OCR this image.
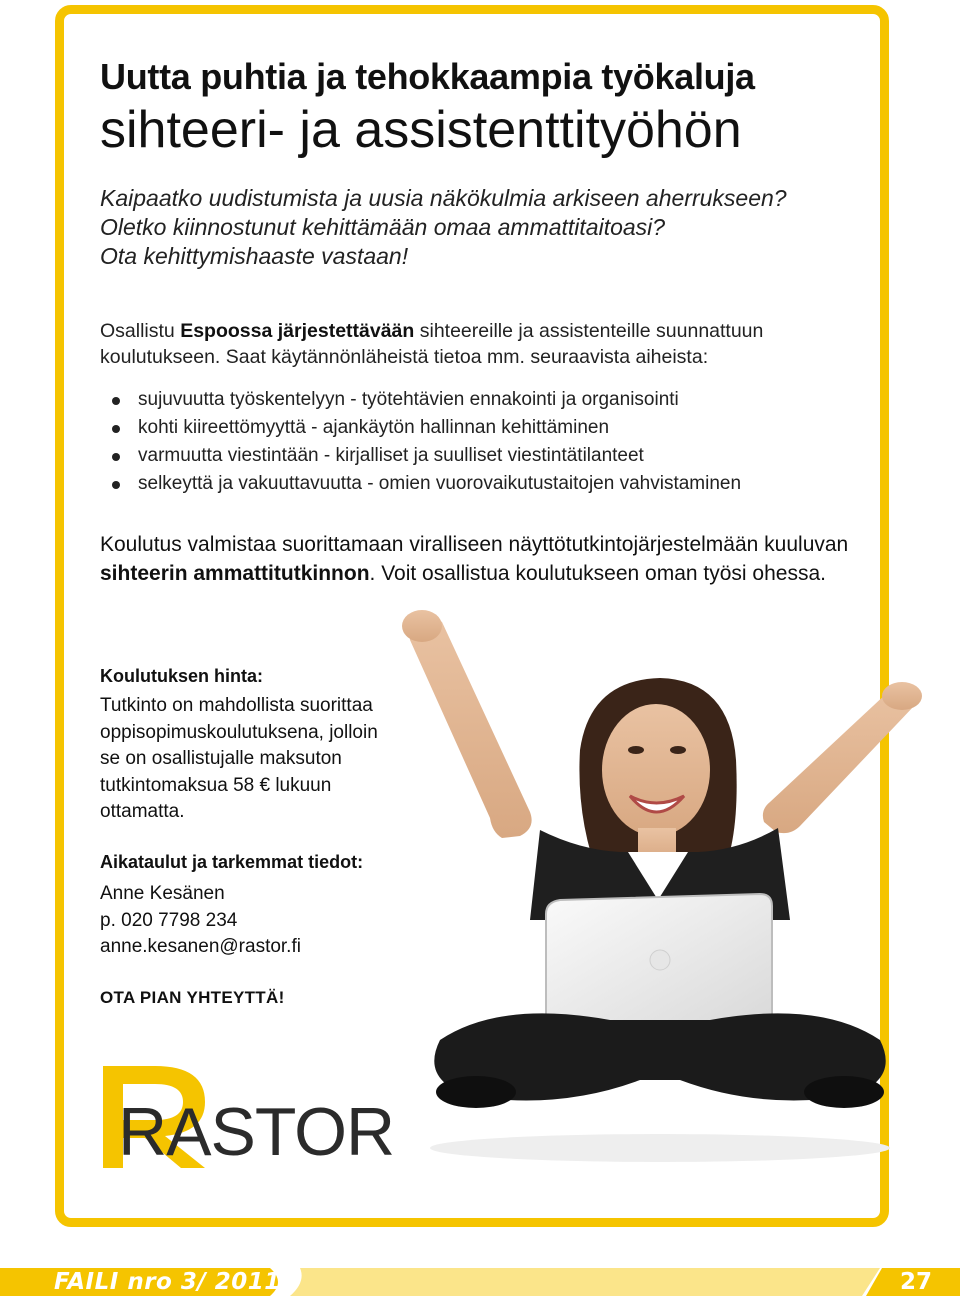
Uutta puhtia ja tehokkaampia työkaluja
sihteeri- ja assistenttityöhön
Kaipaatko uudistumista ja uusia näkökulmia arkiseen aherrukseen?
Oletko kiinnostunut kehittämään omaa ammattitaitoasi?
Ota kehittymishaaste vastaan!
Osallistu Espoossa järjestettävään sihteereille ja assistenteille suunnattuun koulutukseen. Saat käytännönläheistä tietoa mm. seuraavista aiheista:
sujuvuutta työskentelyyn - työtehtävien ennakointi ja organisointi
kohti kiireettömyyttä - ajankäytön hallinnan kehittäminen
varmuutta viestintään - kirjalliset ja suulliset viestintätilanteet
selkeyttä ja vakuuttavuutta - omien vuorovaikutustaitojen vahvistaminen
Koulutus valmistaa suorittamaan viralliseen näyttötutkintojärjestelmään kuuluvan sihteerin ammattitutkinnon. Voit osallistua koulutukseen oman työsi ohessa.
Koulutuksen hinta:
Tutkinto on mahdollista suorittaa
oppisopimuskoulutuksena, jolloin
se on osallistujalle maksuton
tutkintomaksua 58 € lukuun
ottamatta.
Aikataulut ja tarkemmat tiedot:
Anne Kesänen
p. 020 7798 234
anne.kesanen@rastor.fi
OTA PIAN YHTEYTTÄ!
RASTOR
FAILI nro 3/ 2011	27
